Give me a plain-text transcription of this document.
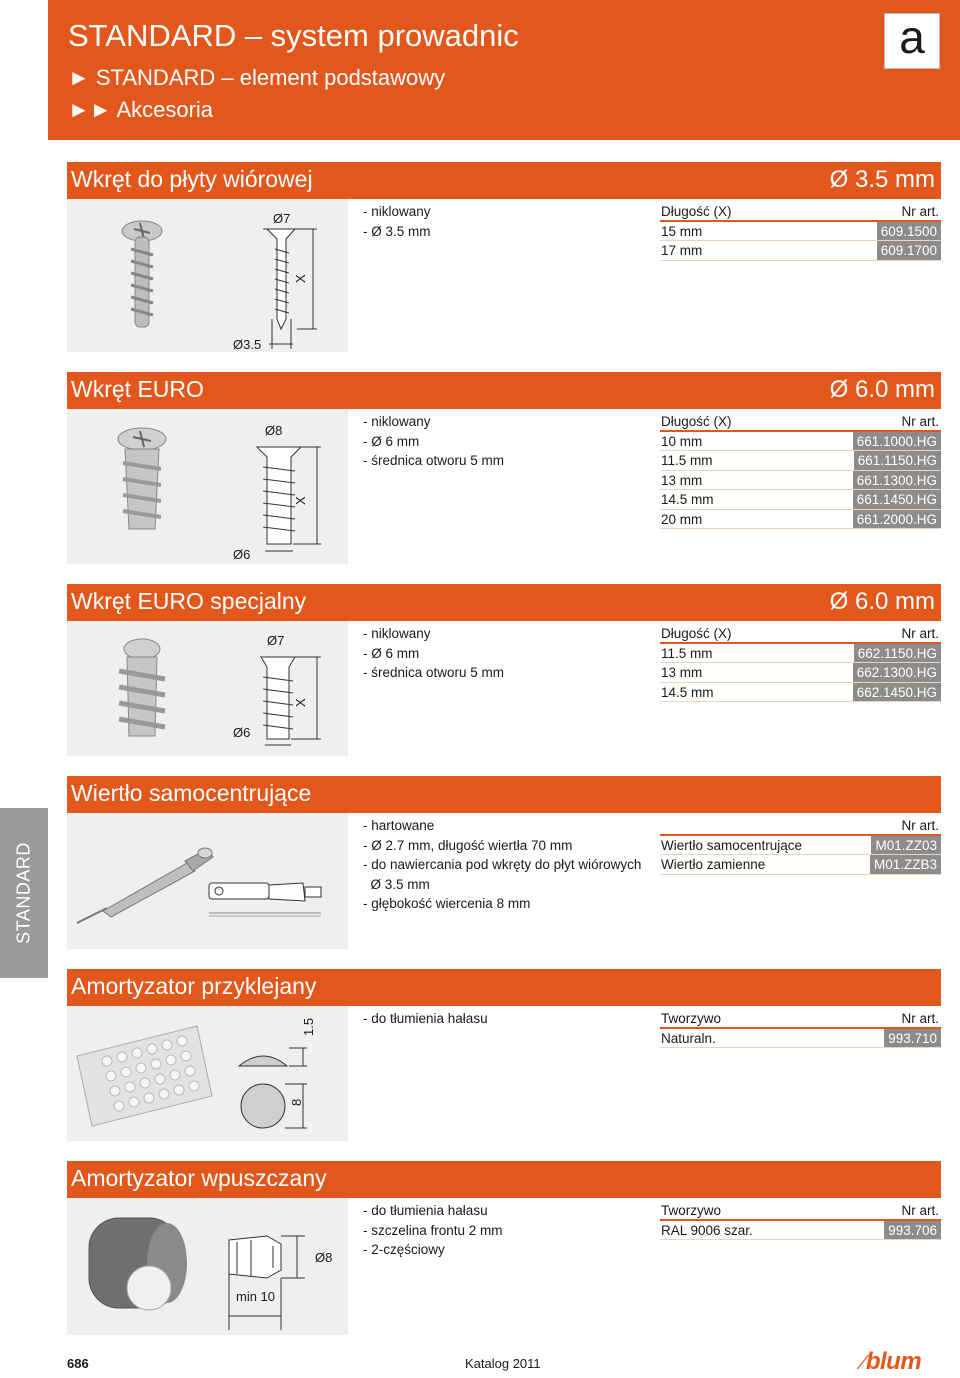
STANDARD – system prowadnic
► STANDARD – element podstawowy
►► Akcesoria
a
STANDARD
Wkręt do płyty wiórowej	Ø 3.5 mm
Ø7
X
Ø3.5
- niklowany
- Ø 3.5 mm
Długość (X)	Nr art.
15 mm	609.1500
17 mm	609.1700
Wkręt EURO	Ø 6.0 mm
Ø8
X
Ø6
- niklowany
- Ø 6 mm
- średnica otworu 5 mm
Długość (X)	Nr art.
10 mm	661.1000.HG
11.5 mm	661.1150.HG
13 mm	661.1300.HG
14.5 mm	661.1450.HG
20 mm	661.2000.HG
Wkręt EURO specjalny	Ø 6.0 mm
Ø7
X
Ø6
- niklowany
- Ø 6 mm
- średnica otworu 5 mm
Długość (X)	Nr art.
11.5 mm	662.1150.HG
13 mm	662.1300.HG
14.5 mm	662.1450.HG
Wiertło samocentrujące
- hartowane
- Ø 2.7 mm, długość wiertła 70 mm
- do nawiercania pod wkręty do płyt wiórowych
Ø 3.5 mm
- głębokość wiercenia 8 mm
Nr art.
Wiertło samocentrujące	M01.ZZ03
Wiertło zamienne	M01.ZZB3
Amortyzator przyklejany
1.5
8
- do tłumienia hałasu	Tworzywo	Nr art.
Naturaln.	993.710
Amortyzator wpuszczany
Ø8
min 10
- do tłumienia hałasu
- szczelina frontu 2 mm
- 2-częściowy
Tworzywo	Nr art.
RAL 9006 szar.	993.706
686	Katalog 2011	⁄blum
